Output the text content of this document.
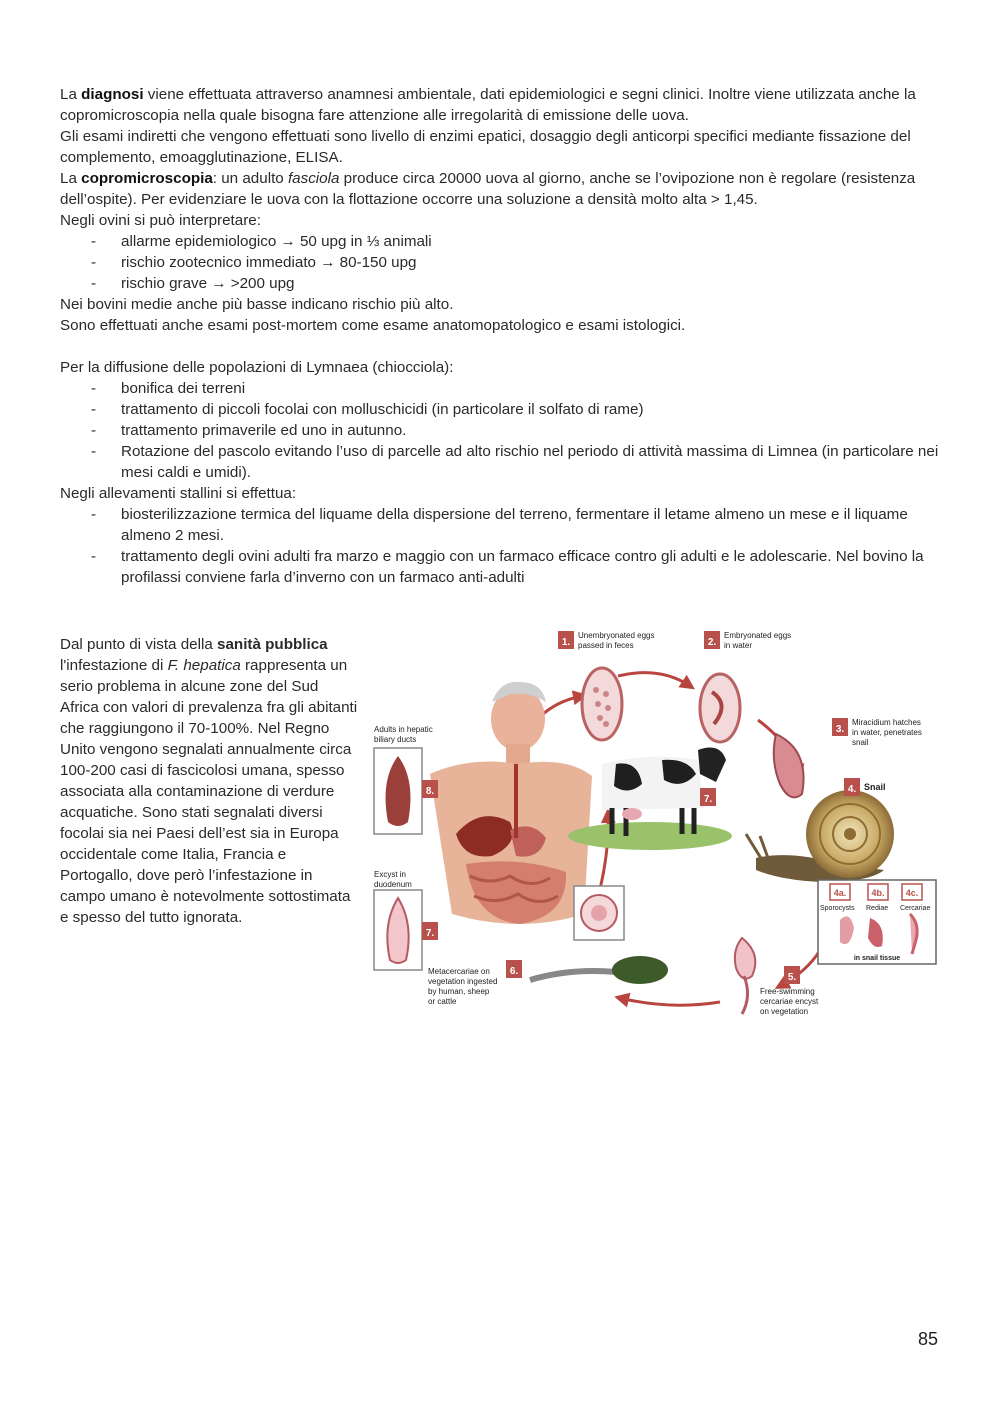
La diagnosi viene effettuata attraverso anamnesi ambientale, dati epidemiologici e segni clinici. Inoltre viene utilizzata anche la copromicroscopia nella quale bisogna fare attenzione alle irregolarità di emissione delle uova.

Gli esami indiretti che vengono effettuati sono livello di enzimi epatici, dosaggio degli anticorpi specifici mediante fissazione del complemento, emoagglutinazione, ELISA.

La copromicroscopia: un adulto fasciola produce circa 20000 uova al giorno, anche se l’ovipozione non è regolare (resistenza dell’ospite). Per evidenziare le uova con la flottazione occorre una soluzione a densità molto alta > 1,45.

Negli ovini si può interpretare:

- allarme epidemiologico → 50 upg in ⅓ animali
- rischio zootecnico immediato → 80-150 upg
- rischio grave → >200 upg

Nei bovini medie anche più basse indicano rischio più alto.

Sono effettuati anche esami post-mortem come esame anatomopatologico e esami istologici.

Per la diffusione delle popolazioni di Lymnaea (chiocciola):

- bonifica dei terreni
- trattamento di piccoli focolai con molluschicidi (in particolare il solfato di rame)
- trattamento primaverile ed uno in autunno.
- Rotazione del pascolo evitando l’uso di parcelle ad alto rischio nel periodo di attività massima di Limnea (in particolare nei mesi caldi e umidi).

Negli allevamenti stallini si effettua:

- biosterilizzazione termica del liquame della dispersione del terreno, fermentare il letame almeno un mese e il liquame almeno 2 mesi.
- trattamento degli ovini adulti fra marzo e maggio con un farmaco efficace contro gli adulti e le adolescarie. Nel bovino la profilassi conviene farla d’inverno con un farmaco anti-adulti
Dal punto di vista della sanità pubblica l'infestazione di F. hepatica rappresenta un serio problema in alcune zone del Sud Africa con valori di prevalenza fra gli abitanti che raggiungono il 70-100%. Nel Regno Unito vengono segnalati annualmente circa 100-200 casi di fascicolosi umana, spesso associata alla contaminazione di verdure acquatiche. Sono stati segnalati diversi focolai sia nei Paesi dell’est sia in Europa occidentale come Italia, Francia e Portogallo, dove però l’infestazione in campo umano è notevolmente sottostimata e spesso del tutto ignorata.
1.
Unembryonated eggs
passed in feces	2.
Embryonated eggs
in water
3.
Miracidium hatches
in water, penetrates
snail
4. Snail
5.
Free-swimming
cercariae encyst
on vegetation
6.
Metacercariae on
vegetation ingested
by human, sheep
or cattle
7.
Excyst in
duodenum
8.
Adults in hepatic
biliary ducts
7.
4a.
Sporocysts
4b.
Rediae
4c.
Cercariae
in snail tissue
85
